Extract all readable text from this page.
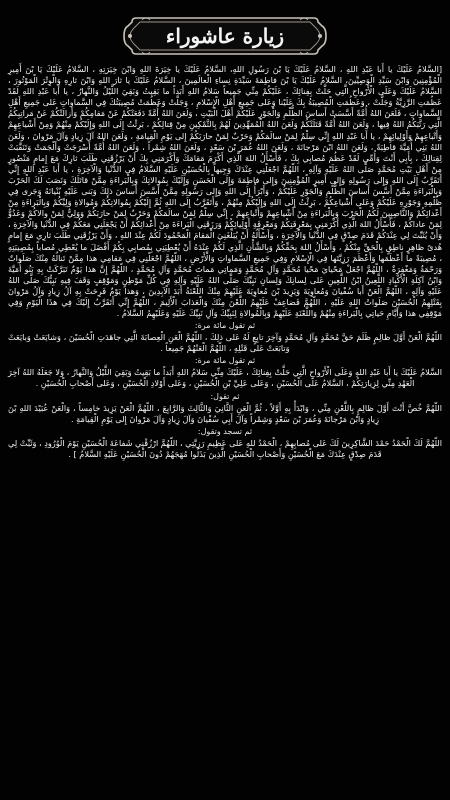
زيارة عاشوراء

[السَّلامُ عَلَيْكَ يا أَبا عَبْدِ اللهِ ، السَّلامُ عَلَيْكَ يَا بْنَ رَسُولِ اللهِ، السَّلامُ عَلَيْكَ يا خِيَرَةَ اللهِ وَابْنَ خِيَرَتِهِ ، السَّلامُ عَلَيْكَ يَا بْنَ أَمِيرِ الْمُؤْمِنِينَ وَابْنَ سَيِّدِ الْوَصِيِّينَ، السَّلامُ عَلَيْكَ يَا بْنَ فاطِمَةَ سَيِّدَةِ نِساءِ الْعالَمِينَ ، السَّلامُ عَلَيْكَ يا ثارَ اللهِ وَابْنَ ثارِهِ وَالْوِتْرَ الْمَوْتُورَ ، السَّلامُ عَلَيْكَ وَعَلَى الْأَرْواحِ الَّتِي حَلَّتْ بِفِنائِكَ ، عَلَيْكُمْ مِنِّي جَمِيعاً سَلامُ اللهِ أَبَداً ما بَقِيتُ وَبَقِيَ اللَّيْلُ وَالنَّهارُ ، يا أَبا عَبْدِ اللهِ لَقَدْ عَظُمَتِ الرَّزِيَّةُ وَجَلَّتْ ، وَعَظُمَتِ الْمُصِيبَةُ بِكَ عَلَيْنا وَعَلى جَمِيعِ أَهْلِ الْإِسْلامِ ، وَجَلَّتْ وَعَظُمَتْ مُصِيبَتُكَ فِي السَّماواتِ عَلى جَمِيعِ أَهْلِ السَّماواتِ ، فَلَعَنَ اللهُ أُمَّةً أَسَّسَتْ أَساسَ الظُّلْمِ وَالْجَوْرِ عَلَيْكُمْ أَهْلَ الْبَيْتِ ، وَلَعَنَ اللهُ أُمَّةً دَفَعَتْكُمْ عَنْ مَقامِكُمْ وَأَزالَتْكُمْ عَنْ مَراتِبِكُمُ الَّتِي رَتَّبَكُمُ اللهُ فِيها ، وَلَعَنَ اللهُ أُمَّةً قَتَلَتْكُمْ وَلَعَنَ اللهُ الْمُمَهِّدِينَ لَهُمْ بِالتَّمْكِينِ مِنْ قِتالِكُمْ ، بَرِئْتُ إِلَى اللهِ وَإِلَيْكُمْ مِنْهُمْ وَمِنْ أَشْياعِهِمْ وَأَتْباعِهِمْ وَأَوْلِيائِهِمْ ، يا أَبا عَبْدِ اللهِ إِنِّي سِلْمٌ لِمَنْ سالَمَكُمْ وَحَرْبٌ لِمَنْ حارَبَكُمْ إِلى يَوْمِ الْقِيامَةِ ، وَلَعَنَ اللهُ آلَ زِيادٍ وَآلَ مَرْوانَ ، وَلَعَنَ اللهُ بَنِي أُمَيَّةَ قاطِبَةً ، وَلَعَنَ اللهُ ابْنَ مَرْجانَةَ ، وَلَعَنَ اللهُ عُمَرَ بْنَ سَعْدٍ ، وَلَعَنَ اللهُ شِمْراً ، وَلَعَنَ اللهُ أُمَّةً أَسْرَجَتْ وَأَلْجَمَتْ وَتَنَقَّبَتْ لِقِتالِكَ ، بِأَبِي أَنْتَ وَأُمِّي لَقَدْ عَظُمَ مُصابِي بِكَ ، فَأَسْأَلُ اللهَ الَّذِي أَكْرَمَ مَقامَكَ وَأَكْرَمَنِي بِكَ أَنْ يَرْزُقَنِي طَلَبَ ثارِكَ مَعَ إِمامٍ مَنْصُورٍ مِنْ أَهْلِ بَيْتِ مُحَمَّدٍ صَلَّى اللهُ عَلَيْهِ وَآلِهِ ، اللّهُمَّ اجْعَلْنِي عِنْدَكَ وَجِيهاً بِالْحُسَيْنِ عَلَيْهِ السَّلامُ فِي الدُّنْيا وَالْآخِرَةِ ، يا أَبا عَبْدِ اللهِ إِنِّي أَتَقَرَّبُ إِلَى اللهِ وَإِلى رَسُولِهِ وَإِلى أَمِيرِ الْمُؤْمِنِينَ وَإِلى فاطِمَةَ وَإِلَى الْحَسَنِ وَإِلَيْكَ بِمُوالاتِكَ وَبِالْبَراءَةِ مِمَّنْ قاتَلَكَ وَنَصَبَ لَكَ الْحَرْبَ وَبِالْبَراءَةِ مِمَّنْ أَسَّسَ أَساسَ الظُّلْمِ وَالْجَوْرِ عَلَيْكُمْ ، وَأَبْرَأُ إِلَى اللهِ وَإِلى رَسُولِهِ مِمَّنْ أَسَّسَ أَساسَ ذلِكَ وَبَنى عَلَيْهِ بُنْيانَهُ وَجَرى فِي ظُلْمِهِ وَجَوْرِهِ عَلَيْكُمْ وَعَلى أَشْياعِكُمْ ، بَرِئْتُ إِلَى اللهِ وَإِلَيْكُمْ مِنْهُمْ ، وَأَتَقَرَّبُ إِلَى اللهِ ثُمَّ إِلَيْكُمْ بِمُوالاتِكُمْ وَمُوالاةِ وَلِيِّكُمْ وَبِالْبَراءَةِ مِنْ أَعْدائِكُمْ وَالنَّاصِبِينَ لَكُمُ الْحَرْبَ وَبِالْبَراءَةِ مِنْ أَشْياعِهِمْ وَأَتْباعِهِمْ ، إِنِّي سِلْمٌ لِمَنْ سالَمَكُمْ وَحَرْبٌ لِمَنْ حارَبَكُمْ وَوَلِيٌّ لِمَنْ والاكُمْ وَعَدُوٌّ لِمَنْ عاداكُمْ ، فَأَسْأَلُ اللهَ الَّذِي أَكْرَمَنِي بِمَعْرِفَتِكُمْ وَمَعْرِفَةِ أَوْلِيائِكُمْ وَرَزَقَنِي الْبَراءَةَ مِنْ أَعْدائِكُمْ أَنْ يَجْعَلَنِي مَعَكُمْ فِي الدُّنْيا وَالْآخِرَةِ ، وَأَنْ يُثَبِّتَ لِي عِنْدَكُمْ قَدَمَ صِدْقٍ فِي الدُّنْيا وَالْآخِرَةِ ، وَأَسْأَلُهُ أَنْ يُبَلِّغَنِيَ الْمَقامَ الْمَحْمُودَ لَكُمْ عِنْدَ اللهِ ، وَأَنْ يَرْزُقَنِي طَلَبَ ثارِي مَعَ إِمامٍ هُدىً ظاهِرٍ ناطِقٍ بِالْحَقِّ مِنْكُمْ ، وَأَسْأَلُ اللهَ بِحَقِّكُمْ وَبِالشَّأْنِ الَّذِي لَكُمْ عِنْدَهُ أَنْ يُعْطِيَنِي بِمُصابِي بِكُمْ أَفْضَلَ ما يُعْطِي مُصاباً بِمُصِيبَتِهِ ، مُصِيبَةً ما أَعْظَمَها وَأَعْظَمَ رَزِيَّتَها فِي الْإِسْلامِ وَفِي جَمِيعِ السَّماواتِ وَالْأَرْضِ ، اللّهُمَّ اجْعَلْنِي فِي مَقامِي هذا مِمَّنْ تَنالُهُ مِنْكَ صَلَواتٌ وَرَحْمَةٌ وَمَغْفِرَةٌ ، اللّهُمَّ اجْعَلْ مَحْيايَ مَحْيا مُحَمَّدٍ وَآلِ مُحَمَّدٍ وَمَماتِي مَماتَ مُحَمَّدٍ وَآلِ مُحَمَّدٍ ، اللّهُمَّ إِنَّ هذا يَوْمٌ تَبَرَّكَتْ بِهِ بَنُو أُمَيَّةَ وَابْنُ آكِلَةِ الْأَكْبادِ اللَّعِينُ ابْنُ اللَّعِينِ عَلى لِسانِكَ وَلِسانِ نَبِيِّكَ صَلَّى اللهُ عَلَيْهِ وَآلِهِ فِي كُلِّ مَوْطِنٍ وَمَوْقِفٍ وَقَفَ فِيهِ نَبِيُّكَ صَلَّى اللهُ عَلَيْهِ وَآلِهِ ، اللّهُمَّ الْعَنْ أَبا سُفْيانَ وَمُعاوِيَةَ وَيَزِيدَ بْنَ مُعاوِيَةَ عَلَيْهِمْ مِنْكَ اللَّعْنَةُ أَبَدَ الْآبِدِينَ ، وَهذا يَوْمٌ فَرِحَتْ بِهِ آلُ زِيادٍ وَآلُ مَرْوانَ بِقَتْلِهِمُ الْحُسَيْنَ صَلَواتُ اللهِ عَلَيْهِ ، اللّهُمَّ فَضاعِفْ عَلَيْهِمُ اللَّعْنَ مِنْكَ وَالْعَذابَ الْأَلِيمَ ، اللّهُمَّ إِنِّي أَتَقَرَّبُ إِلَيْكَ فِي هذَا الْيَوْمِ وَفِي مَوْقِفِي هذا وَأَيَّامِ حَياتِي بِالْبَراءَةِ مِنْهُمْ وَاللَّعْنَةِ عَلَيْهِمْ وَبِالْمُوالاةِ لِنَبِيِّكَ وَآلِ نَبِيِّكَ عَلَيْهِ وَعَلَيْهِمُ السَّلامُ .

ثم تقول مائة مرة:

اللّهُمَّ الْعَنْ أَوَّلَ ظالِمٍ ظَلَمَ حَقَّ مُحَمَّدٍ وَآلِ مُحَمَّدٍ وَآخِرَ تابِعٍ لَهُ عَلى ذلِكَ ، اللّهُمَّ الْعَنِ الْعِصابَةَ الَّتِي جاهَدَتِ الْحُسَيْنَ ، وَشايَعَتْ وَبايَعَتْ وَتابَعَتْ عَلى قَتْلِهِ ، اللّهُمَّ الْعَنْهُمْ جَمِيعاً .

ثم تقول مائة مرة:

السَّلامُ عَلَيْكَ يا أَبا عَبْدِ اللهِ وَعَلَى الْأَرْواحِ الَّتِي حَلَّتْ بِفِنائِكَ ، عَلَيْكَ مِنِّي سَلامُ اللهِ أَبَداً ما بَقِيتُ وَبَقِيَ اللَّيْلُ وَالنَّهارُ ، وَلا جَعَلَهُ اللهُ آخِرَ الْعَهْدِ مِنِّي لِزِيارَتِكُمْ ، السَّلامُ عَلَى الْحُسَيْنِ ، وَعَلى عَلِيِّ بْنِ الْحُسَيْنِ ، وَعَلى أَوْلادِ الْحُسَيْنِ ، وَعَلى أَصْحابِ الْحُسَيْنِ .

ثم تقول:

اللّهُمَّ خُصَّ أَنْتَ أَوَّلَ ظالِمٍ بِاللَّعْنِ مِنِّي ، وَابْدَأْ بِهِ أَوَّلاً ، ثُمَّ الْعَنِ الثَّانِيَ وَالثَّالِثَ وَالرَّابِعَ ، اللّهُمَّ الْعَنْ يَزِيدَ خامِساً ، وَالْعَنْ عُبَيْدَ اللهِ بْنَ زِيادٍ وَابْنَ مَرْجانَةَ وَعُمَرَ بْنَ سَعْدٍ وَشِمْراً وَآلَ أَبِي سُفْيانَ وَآلَ زِيادٍ وَآلَ مَرْوانَ إِلى يَوْمِ الْقِيامَةِ .

ثم تسجد وتقول:

اللّهُمَّ لَكَ الْحَمْدُ حَمْدَ الشَّاكِرِينَ لَكَ عَلى مُصابِهِمْ ، الْحَمْدُ للهِ عَلى عَظِيمِ رَزِيَّتِي ، اللّهُمَّ ارْزُقْنِي شَفاعَةَ الْحُسَيْنِ يَوْمَ الْوُرُودِ ، وَثَبِّتْ لِي قَدَمَ صِدْقٍ عِنْدَكَ مَعَ الْحُسَيْنِ وَأَصْحابِ الْحُسَيْنِ الَّذِينَ بَذَلُوا مُهَجَهُمْ دُونَ الْحُسَيْنِ عَلَيْهِ السَّلامُ ] .
